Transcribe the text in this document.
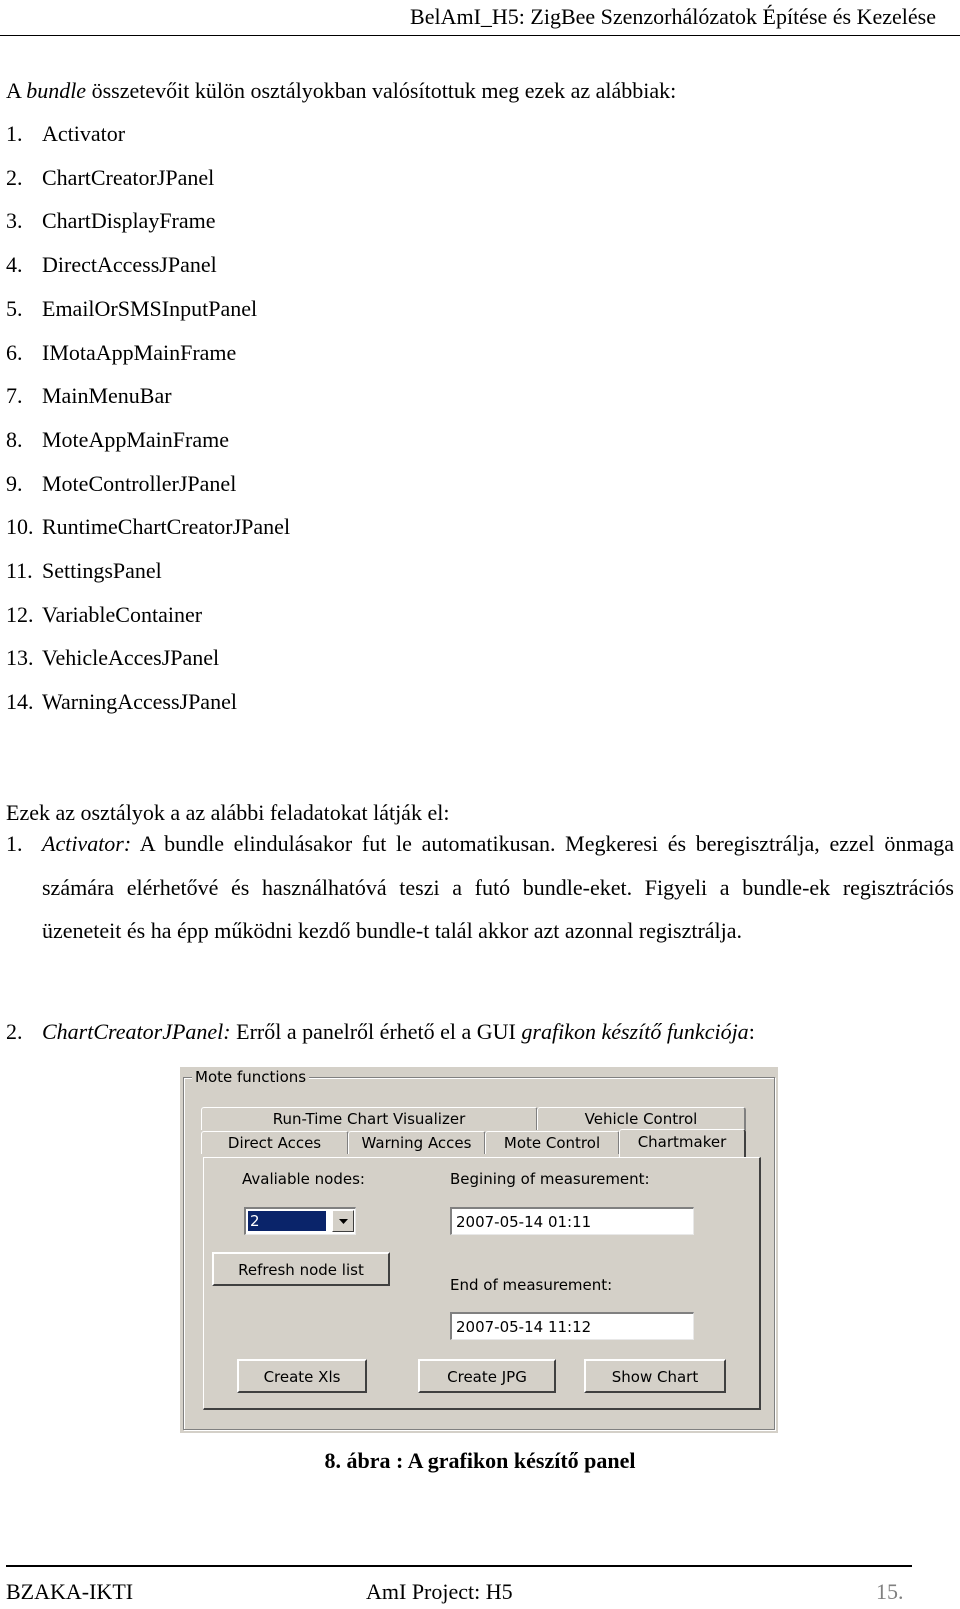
BelAmI_H5: ZigBee Szenzorhálózatok Építése és Kezelése
A bundle összetevőit külön osztályokban valósítottuk meg ezek az alábbiak:
1. Activator
2. ChartCreatorJPanel
3. ChartDisplayFrame
4. DirectAccessJPanel
5. EmailOrSMSInputPanel
6. IMotaAppMainFrame
7. MainMenuBar
8. MoteAppMainFrame
9. MoteControllerJPanel
10. RuntimeChartCreatorJPanel
11. SettingsPanel
12. VariableContainer
13. VehicleAccesJPanel
14. WarningAccessJPanel
Ezek az osztályok a az alábbi feladatokat látják el:
1. Activator: A bundle elindulásakor fut le automatikusan. Megkeresi és beregisztrálja, ezzel önmaga számára elérhetővé és használhatóvá teszi a futó bundle-eket. Figyeli a bundle-ek regisztrációs üzeneteit és ha épp működni kezdő bundle-t talál akkor azt azonnal regisztrálja.
2. ChartCreatorJPanel: Erről a panelről érhető el a GUI grafikon készítő funkciója:
Mote functions
Run-Time Chart Visualizer	Vehicle Control
Direct Acces	Warning Acces	Mote Control	Chartmaker
Avaliable nodes:
2
Refresh node list
Begining of measurement:
2007-05-14 01:11
End of measurement:
2007-05-14 11:12
Create Xls	Create JPG	Show Chart
8. ábra : A grafikon készítő panel
BZAKA-IKTI	AmI Project: H5	15.
